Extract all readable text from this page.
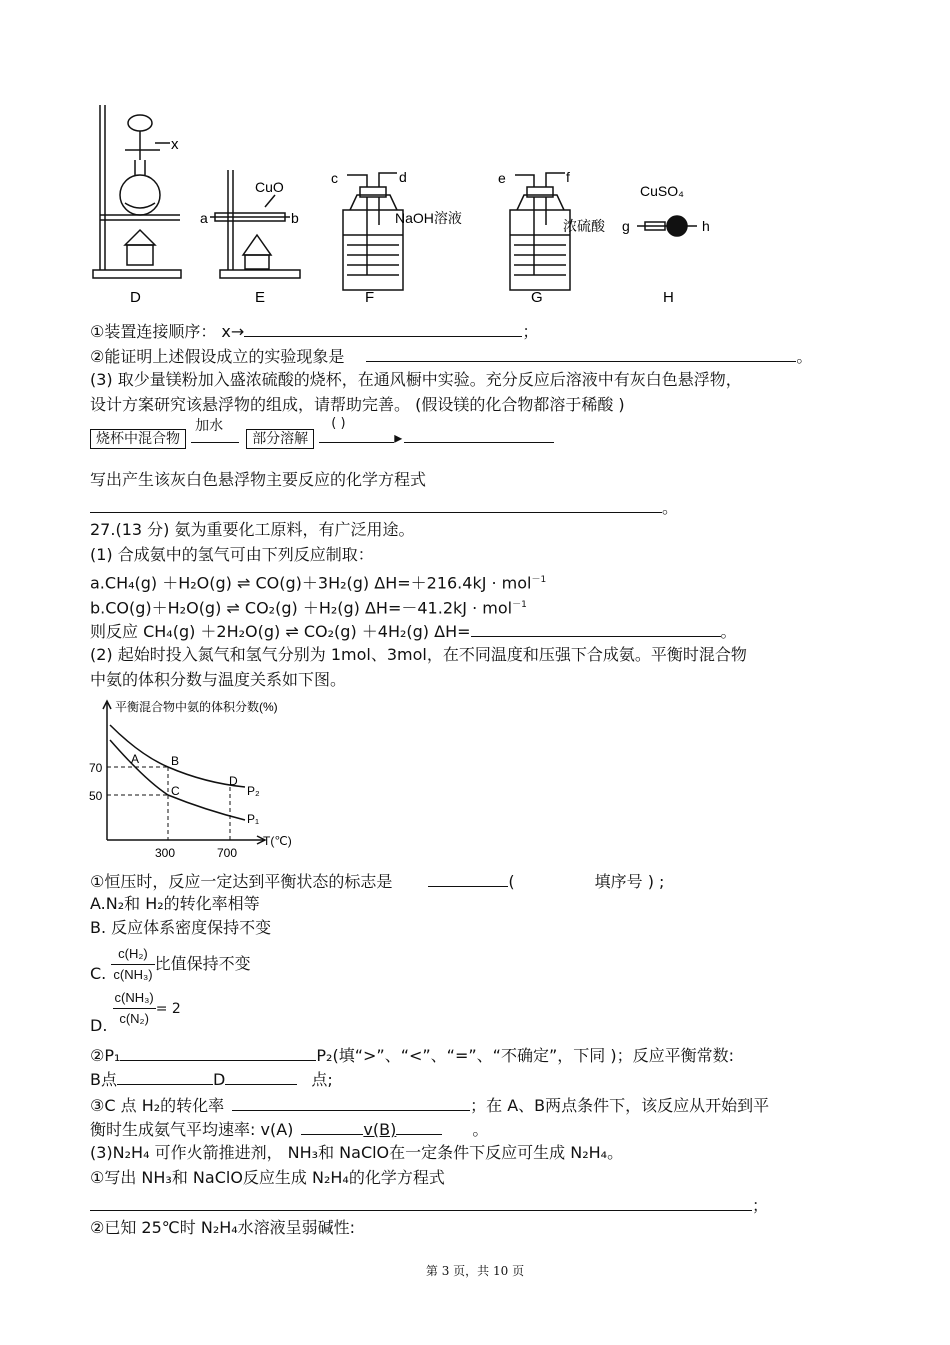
x
D
CuO
a	b
E
c	d
NaOH溶液
F
e	f
浓硫酸
G
CuSO₄
g	h
H
①装置连接顺序： x→	；
②能证明上述假设成立的实验现象是	。
(3) 取少量镁粉加入盛浓硫酸的烧杯，在通风橱中实验。充分反应后溶液中有灰白色悬浮物，
设计方案研究该悬浮物的组成，请帮助完善。 (假设镁的化合物都溶于稀酸 )
烧杯中混合物
加水
部分溶解
( )
▸
写出产生该灰白色悬浮物主要反应的化学方程式
。
27.(13 分) 氨为重要化工原料，有广泛用途。
(1) 合成氨中的氢气可由下列反应制取：
a.CH₄(g) ＋H₂O(g) ⇌ CO(g)＋3H₂(g) ΔH=＋216.4kJ · mol$^{-1}$
b.CO(g)＋H₂O(g) ⇌ CO₂(g) ＋H₂(g) ΔH=－41.2kJ · mol$^{-1}$
则反应 CH₄(g) ＋2H₂O(g) ⇌ CO₂(g) ＋4H₂(g) ΔH=	。
(2) 起始时投入氮气和氢气分别为 1mol、3mol，在不同温度和压强下合成氨。平衡时混合物
中氨的体积分数与温度关系如下图。
平衡混合物中氨的体积分数(%)
T(℃)
70
50
300	700
A	B
C
D
P₂
P₁
①恒压时，反应一定达到平衡状态的标志是	(	填序号 ) ;
A.N₂和 H₂的转化率相等
B. 反应体系密度保持不变
C. $\frac{\text{c(H₂)}}{\text{c(NH₃)}}$ 比值保持不变
D. $\frac{\text{c(NH₃)}}{\text{c(N₂)}} = 2$
②P₁	P₂(填“>”、“<”、“=”、“不确定”，下同 )；反应平衡常数:
B点	D	点;
③C 点 H₂的转化率	；在 A、B两点条件下，该反应从开始到平
衡时生成氨气平均速率: v(A)	v(B)	。
(3)N₂H₄ 可作火箭推进剂， NH₃和 NaClO在一定条件下反应可生成 N₂H₄。
①写出 NH₃和 NaClO反应生成 N₂H₄的化学方程式
；
②已知 25℃时 N₂H₄水溶液呈弱碱性:
第 3 页，共 10 页
